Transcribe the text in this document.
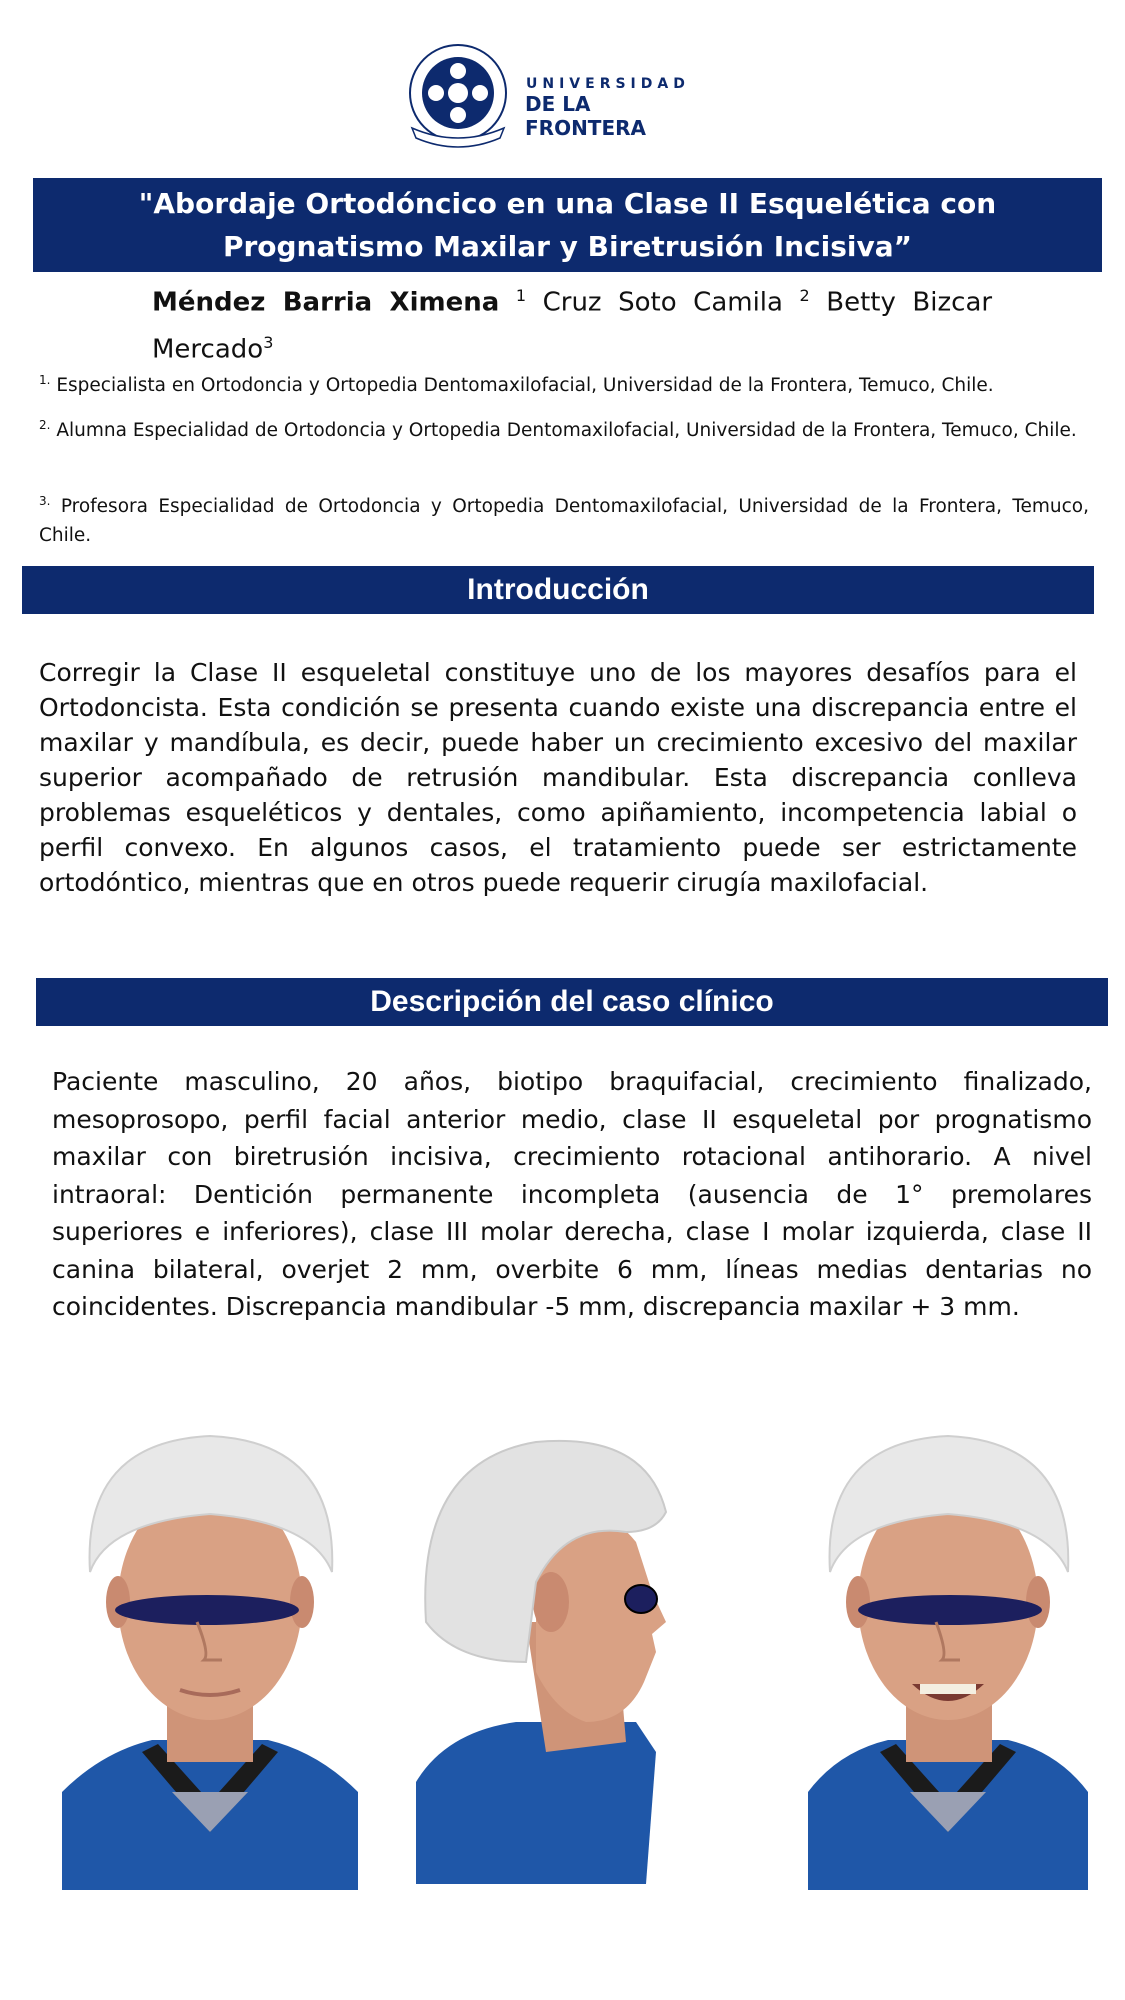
UNIVERSIDAD
DE LA FRONTERA
"Abordaje Ortodóncico en una Clase II Esquelética con Prognatismo Maxilar y Biretrusión Incisiva”
Méndez Barria Ximena $^1$ Cruz Soto Camila $^2$ Betty Bizcar Mercado$^3$
$^{1.}$ Especialista en Ortodoncia y Ortopedia Dentomaxilofacial, Universidad de la Frontera, Temuco, Chile.
$^{2.}$ Alumna Especialidad de Ortodoncia y Ortopedia Dentomaxilofacial, Universidad de la Frontera, Temuco, Chile.
$^{3.}$ Profesora Especialidad de Ortodoncia y Ortopedia Dentomaxilofacial, Universidad de la Frontera, Temuco, Chile.
Introducción
Corregir la Clase II esqueletal constituye uno de los mayores desafíos para el Ortodoncista. Esta condición se presenta cuando existe una discrepancia entre el maxilar y mandíbula, es decir, puede haber un crecimiento excesivo del maxilar superior acompañado de retrusión mandibular. Esta discrepancia conlleva problemas esqueléticos y dentales, como apiñamiento, incompetencia labial o perfil convexo. En algunos casos, el tratamiento puede ser estrictamente ortodóntico, mientras que en otros puede requerir cirugía maxilofacial.
Descripción del caso clínico
Paciente masculino, 20 años, biotipo braquifacial, crecimiento finalizado, mesoprosopo, perfil facial anterior medio, clase II esqueletal por prognatismo maxilar con biretrusión incisiva, crecimiento rotacional antihorario. A nivel intraoral: Dentición permanente incompleta (ausencia de 1° premolares superiores e inferiores), clase III molar derecha, clase I molar izquierda, clase II canina bilateral, overjet 2 mm, overbite 6 mm, líneas medias dentarias no coincidentes. Discrepancia mandibular -5 mm, discrepancia maxilar + 3 mm.
